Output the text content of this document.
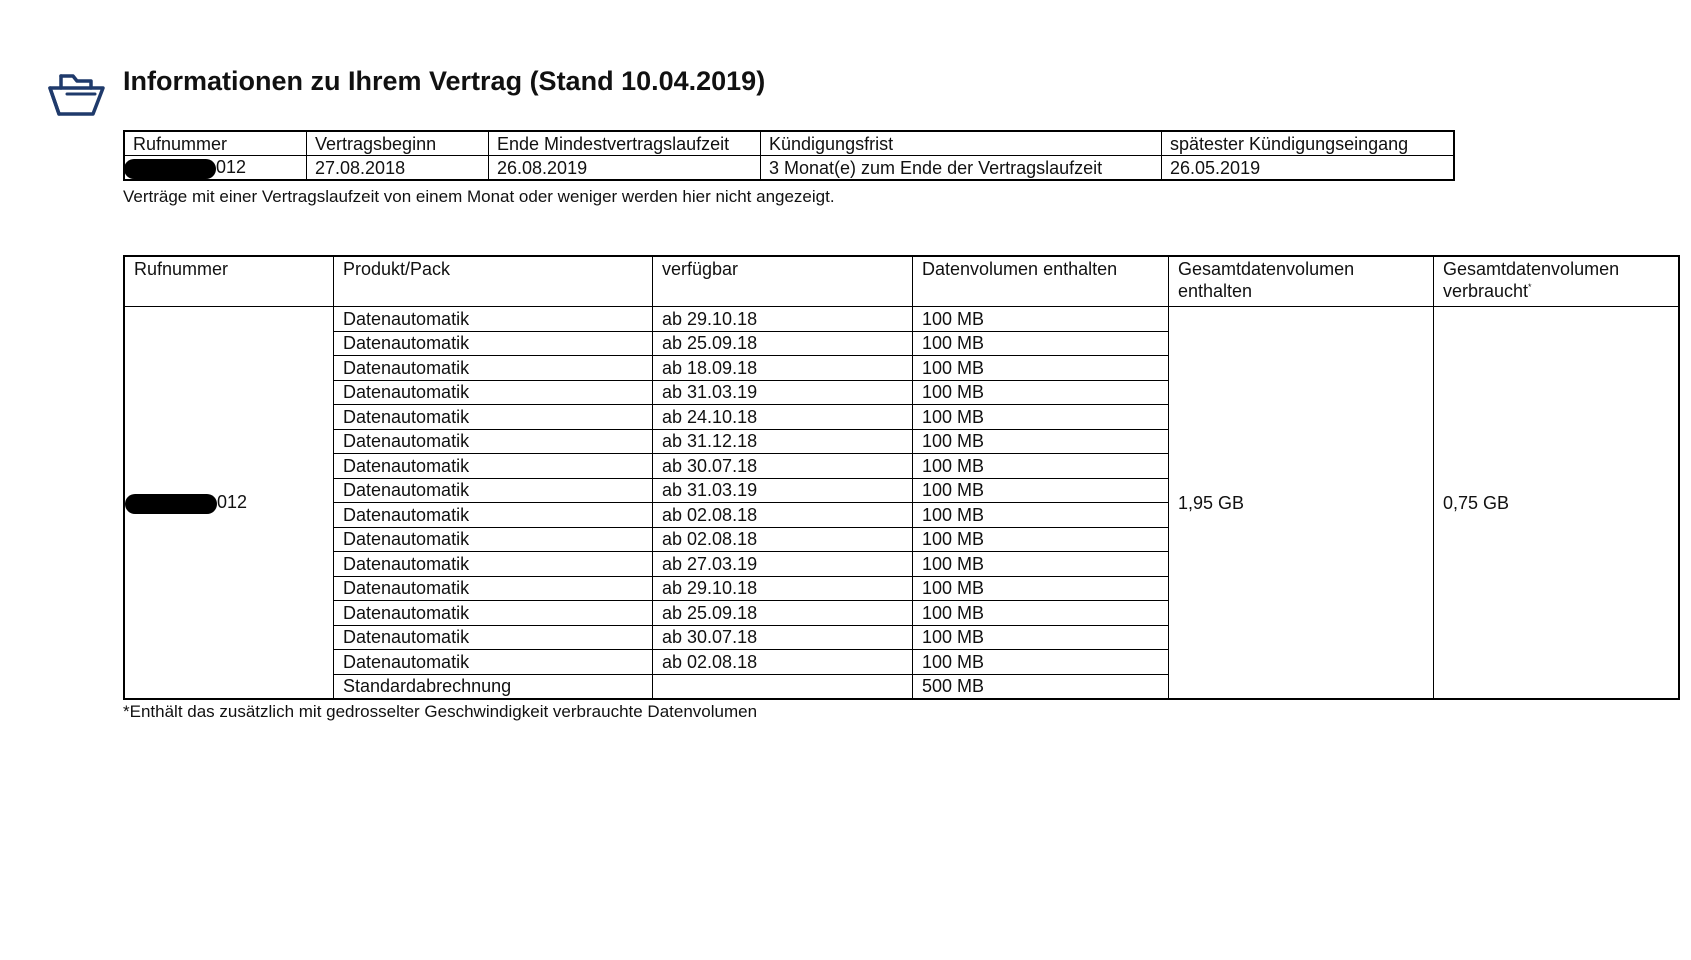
Informationen zu Ihrem Vertrag (Stand 10.04.2019)
Rufnummer	Vertragsbeginn	Ende Mindestvertragslaufzeit	Kündigungsfrist	spätester Kündigungseingang
012	27.08.2018	26.08.2019	3 Monat(e) zum Ende der Vertragslaufzeit	26.05.2019

Verträge mit einer Vertragslaufzeit von einem Monat oder weniger werden hier nicht angezeigt.

Rufnummer	Produkt/Pack	verfügbar	Datenvolumen enthalten	Gesamtdatenvolumen enthalten	Gesamtdatenvolumen verbraucht*
012	Datenautomatik	ab 29.10.18	100 MB	1,95 GB	0,75 GB
	Datenautomatik	ab 25.09.18	100 MB		
	Datenautomatik	ab 18.09.18	100 MB		
	Datenautomatik	ab 31.03.19	100 MB		
	Datenautomatik	ab 24.10.18	100 MB		
	Datenautomatik	ab 31.12.18	100 MB		
	Datenautomatik	ab 30.07.18	100 MB		
	Datenautomatik	ab 31.03.19	100 MB		
	Datenautomatik	ab 02.08.18	100 MB		
	Datenautomatik	ab 02.08.18	100 MB		
	Datenautomatik	ab 27.03.19	100 MB		
	Datenautomatik	ab 29.10.18	100 MB		
	Datenautomatik	ab 25.09.18	100 MB		
	Datenautomatik	ab 30.07.18	100 MB		
	Datenautomatik	ab 02.08.18	100 MB		
	Standardabrechnung		500 MB		

*Enthält das zusätzlich mit gedrosselter Geschwindigkeit verbrauchte Datenvolumen
